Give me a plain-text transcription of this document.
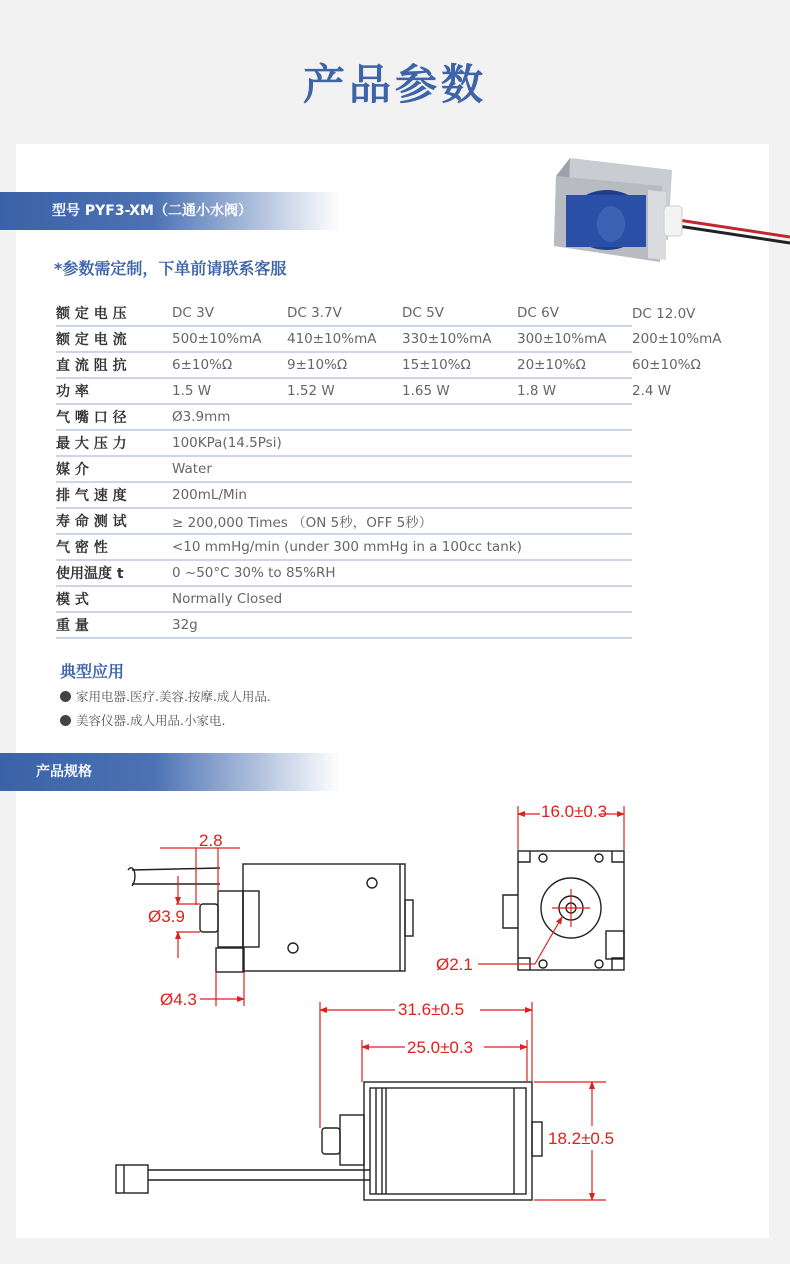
产品参数
型号 PYF3-XM（二通小水阀）
*参数需定制，下单前请联系客服
额 定 电 压	DC 3V	DC 3.7V	DC 5V	DC 6V	DC 12.0V
额 定 电 流	500±10%mA	410±10%mA	330±10%mA	300±10%mA	200±10%mA
直 流 阻 抗	6±10%Ω	9±10%Ω	15±10%Ω	20±10%Ω	60±10%Ω
功 率	1.5 W	1.52 W	1.65 W	1.8 W	2.4 W
气 嘴 口 径	Ø3.9mm				
最 大 压 力	100KPa(14.5Psi)				
媒 介	Water				
排 气 速 度	200mL/Min				
寿 命 测 试	≥ 200,000 Times （ON 5秒，OFF 5秒）				
气 密 性	<10 mmHg/min (under 300 mmHg in a 100cc tank)				
使用温度 t	0 ~50°C 30% to 85%RH				
模 式	Normally Closed				
重 量	32g				
典型应用
家用电器.医疗.美容.按摩.成人用品.
美容仪器.成人用品.小家电.
产品规格
2.8
Ø3.9
Ø4.3
16.0±0.3
Ø2.1
31.6±0.5
25.0±0.3
18.2±0.5
